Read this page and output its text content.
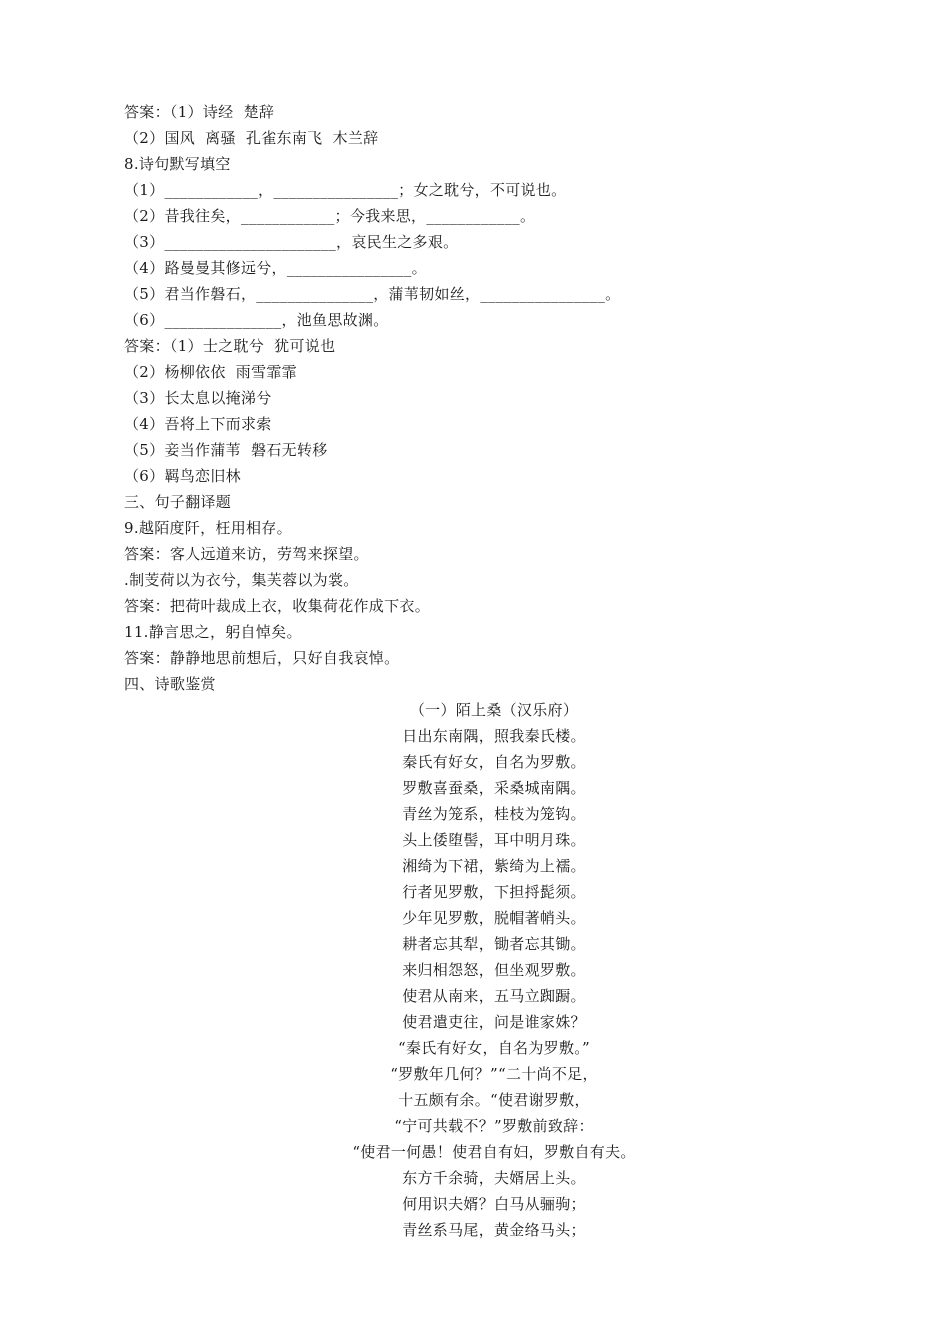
答案：（1）诗经  楚辞
（2）国风  离骚  孔雀东南飞  木兰辞
8.诗句默写填空
（1）____________，________________；女之耽兮，不可说也。
（2）昔我往矣，____________；今我来思，____________。
（3）______________________，哀民生之多艰。
（4）路曼曼其修远兮，________________。
（5）君当作磐石，_______________，蒲苇韧如丝，________________。
（6）_______________，池鱼思故渊。
答案：（1）士之耽兮  犹可说也
（2）杨柳依依  雨雪霏霏
（3）长太息以掩涕兮
（4）吾将上下而求索
（5）妾当作蒲苇  磐石无转移
（6）羁鸟恋旧林
三、句子翻译题
9.越陌度阡，枉用相存。
答案：客人远道来访，劳驾来探望。
.制芰荷以为衣兮，集芙蓉以为裳。
答案：把荷叶裁成上衣，收集荷花作成下衣。
11.静言思之，躬自悼矣。
答案：静静地思前想后，只好自我哀悼。
四、诗歌鉴赏
（一）陌上桑（汉乐府）
日出东南隅，照我秦氏楼。
秦氏有好女，自名为罗敷。
罗敷喜蚕桑，采桑城南隅。
青丝为笼系，桂枝为笼钩。
头上倭堕髻，耳中明月珠。
湘绮为下裙，紫绮为上襦。
行者见罗敷，下担捋髭须。
少年见罗敷，脱帽著帩头。
耕者忘其犁，锄者忘其锄。
来归相怨怒，但坐观罗敷。
使君从南来，五马立踟蹰。
使君遣吏往，问是谁家姝？
“秦氏有好女，自名为罗敷。”
“罗敷年几何？”“二十尚不足，
十五颇有余。“使君谢罗敷，
“宁可共载不？”罗敷前致辞：
“使君一何愚！使君自有妇，罗敷自有夫。
东方千余骑，夫婿居上头。
何用识夫婿？白马从骊驹；
青丝系马尾，黄金络马头；
